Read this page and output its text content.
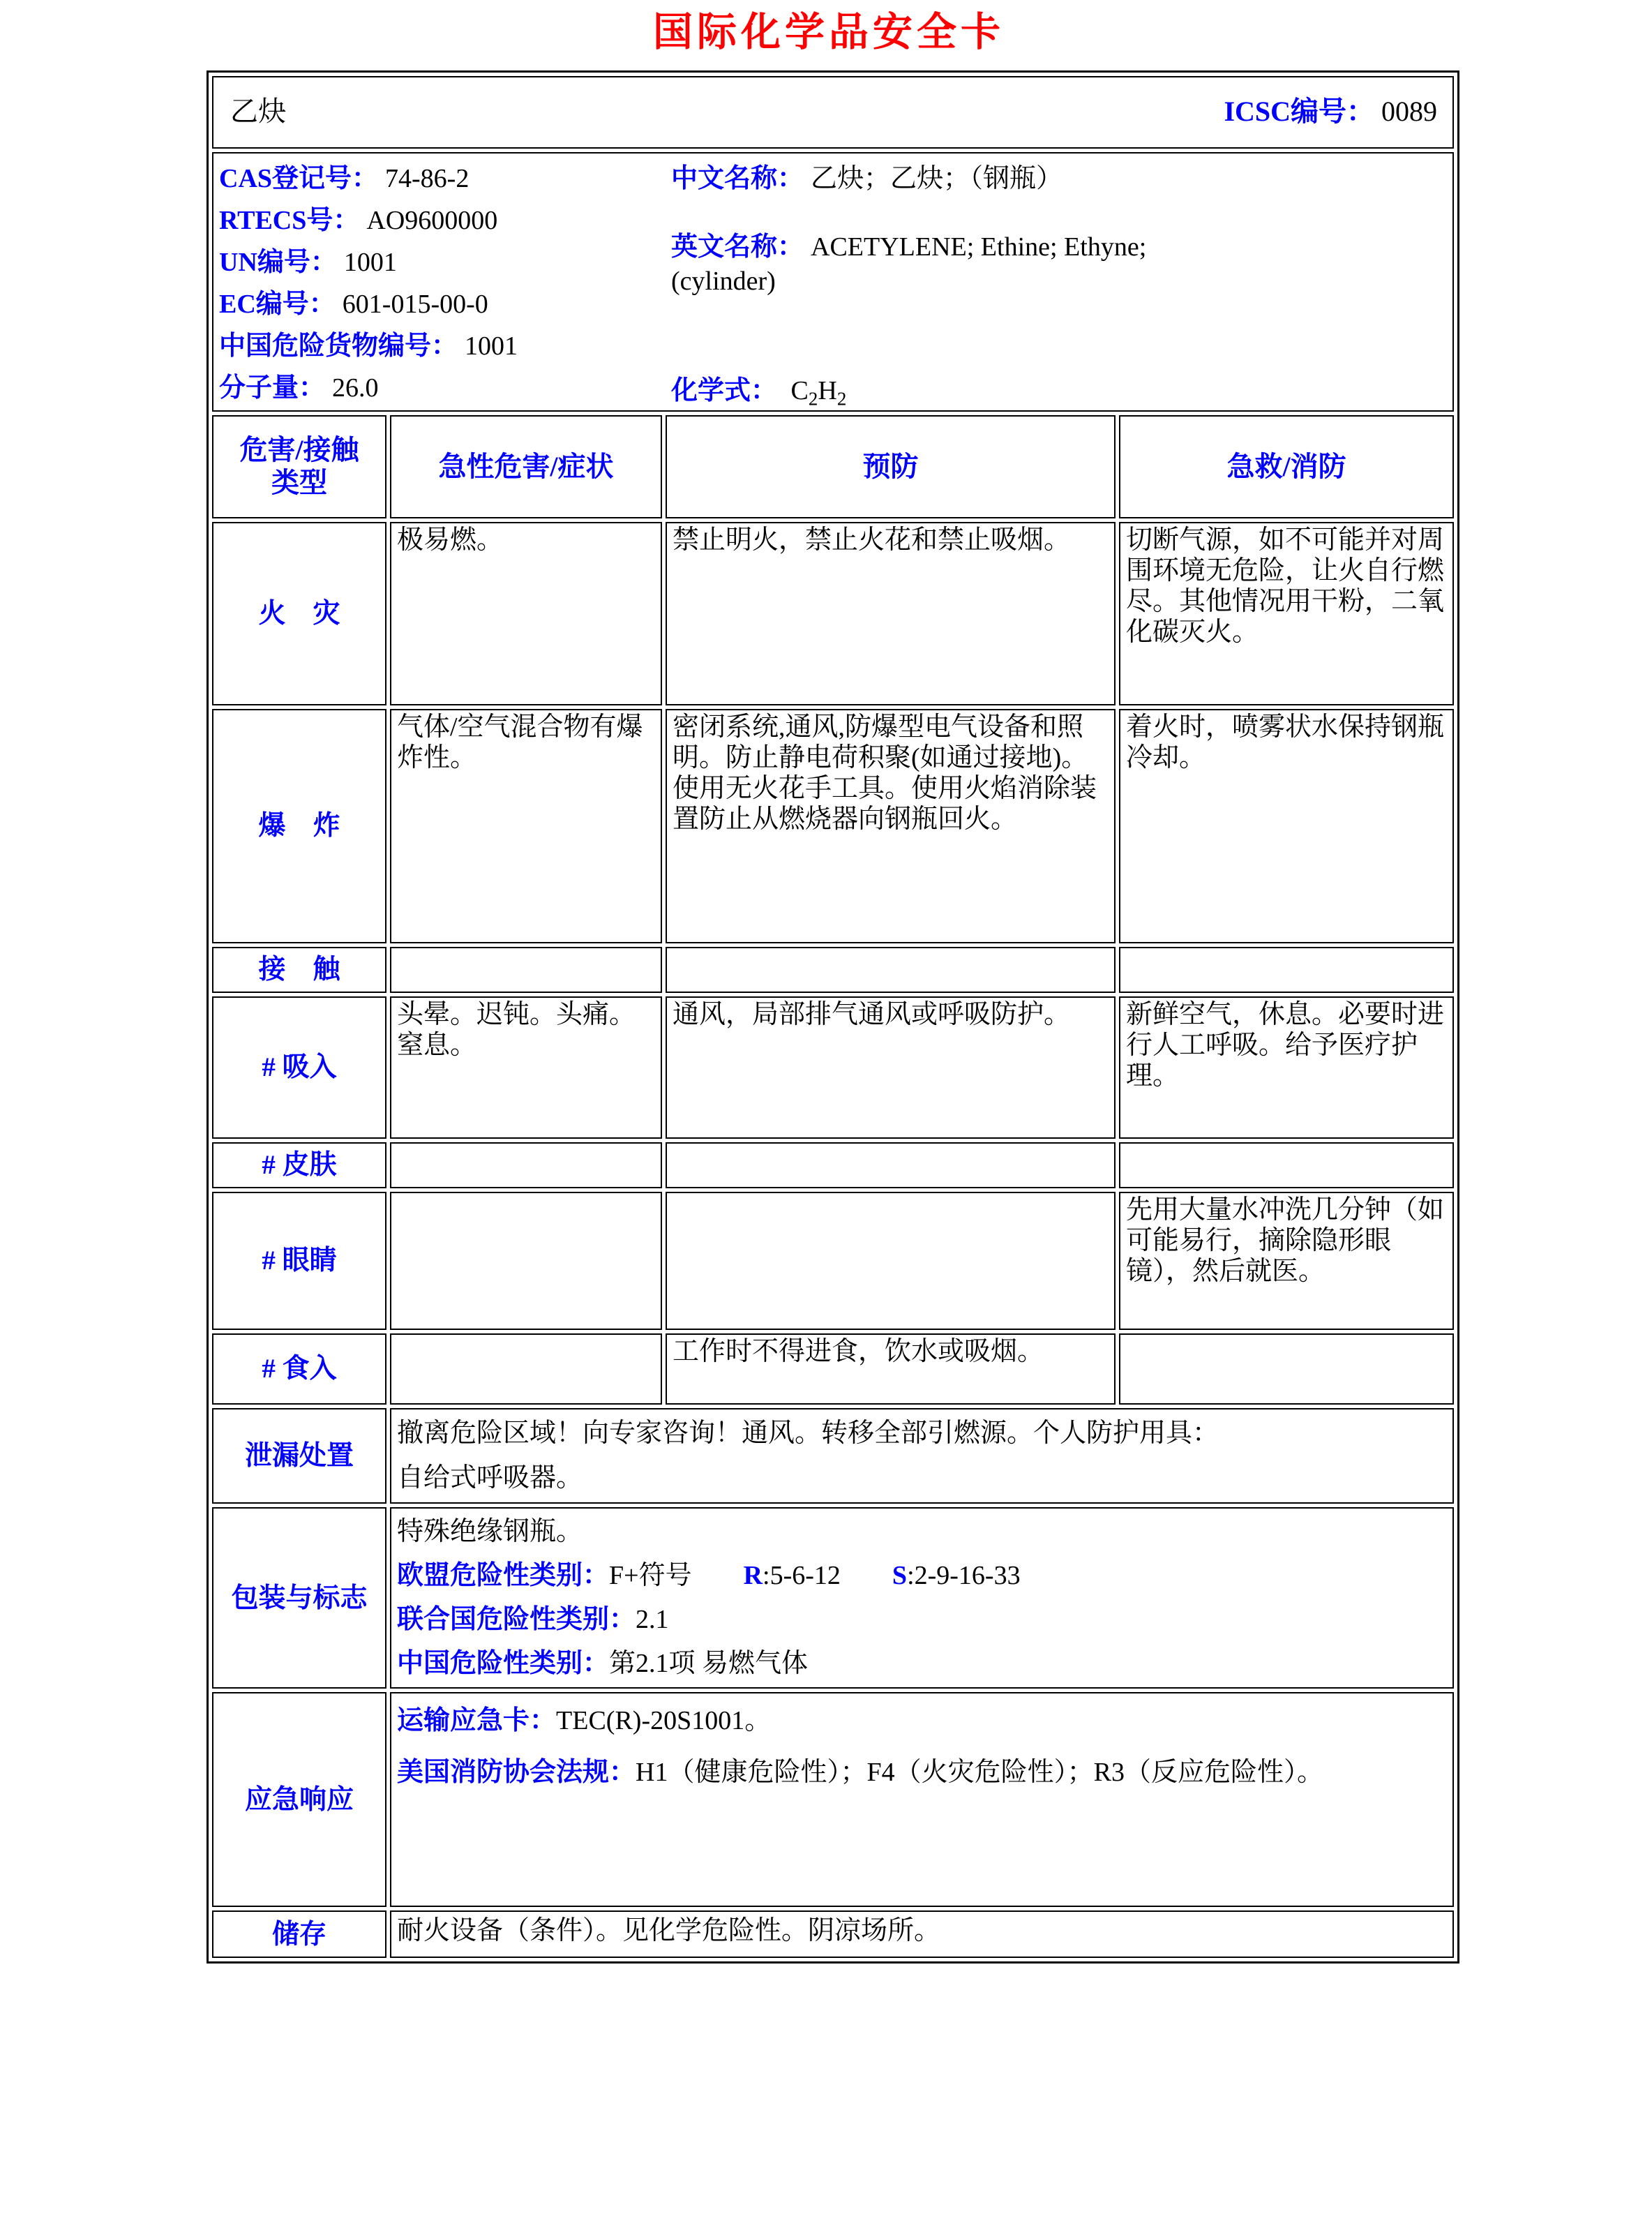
国际化学品安全卡
乙炔 ICSC编号： 0089			

CAS登记号： 74-86-2
RTECS号： AO9600000
UN编号： 1001
EC编号： 601-015-00-0
中国危险货物编号： 1001
分子量： 26.0
中文名称： 乙炔；乙炔；（钢瓶）
英文名称： ACETYLENE; Ethine; Ethyne;
(cylinder)
化学式： $C_2H_2$

危害/接触
类型	急性危害/症状	预防	急救/消防
火　灾	极易燃。	禁止明火，禁止火花和禁止吸烟。	切断气源，如不可能并对周围环境无危险，让火自行燃尽。其他情况用干粉，二氧化碳灭火。
爆　炸	气体/空气混合物有爆炸性。	密闭系统,通风,防爆型电气设备和照明。防止静电荷积聚(如通过接地)。使用无火花手工具。使用火焰消除装置防止从燃烧器向钢瓶回火。	着火时，喷雾状水保持钢瓶冷却。
接　触			
# 吸入	头晕。迟钝。头痛。窒息。	通风，局部排气通风或呼吸防护。	新鲜空气，休息。必要时进行人工呼吸。给予医疗护理。
# 皮肤			
# 眼睛			先用大量水冲洗几分钟（如可能易行，摘除隐形眼镜），然后就医。
# 食入		工作时不得进食，饮水或吸烟。	
泄漏处置	撤离危险区域！向专家咨询！通风。转移全部引燃源。个人防护用具：
自给式呼吸器。		

包装与标志	特殊绝缘钢瓶。
欧盟危险性类别：F+符号 R:5-6-12 S:2-9-16-33
联合国危险性类别：2.1
中国危险性类别：第2.1项 易燃气体		

应急响应	运输应急卡：TEC(R)-20S1001。
美国消防协会法规：H1（健康危险性）；F4（火灾危险性）；R3（反应危险性）。		

储存	耐火设备（条件）。见化学危险性。阴凉场所。		
